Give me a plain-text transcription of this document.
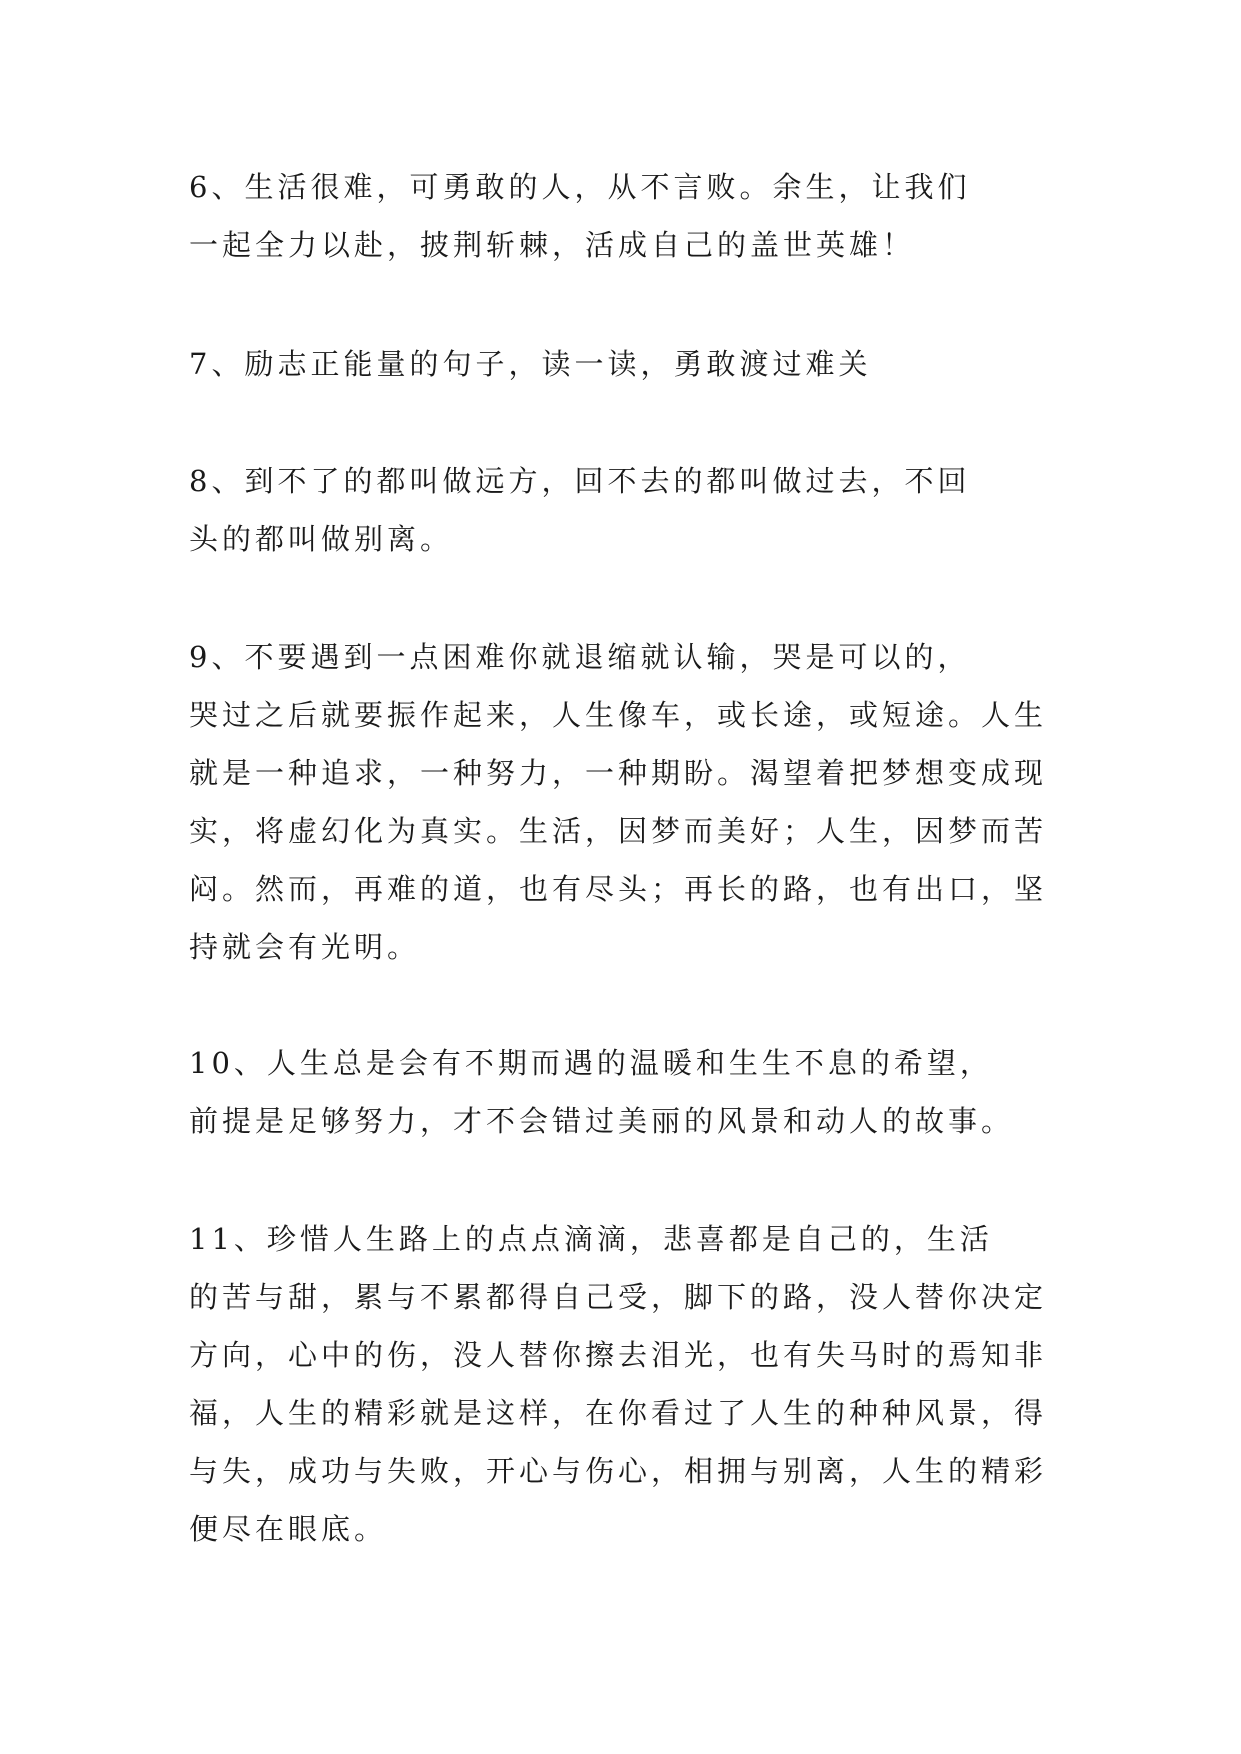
6、生活很难，可勇敢的人，从不言败。余生，让我们
一起全力以赴，披荆斩棘，活成自己的盖世英雄！

7、励志正能量的句子，读一读，勇敢渡过难关

8、到不了的都叫做远方，回不去的都叫做过去，不回
头的都叫做别离。

9、不要遇到一点困难你就退缩就认输，哭是可以的，
哭过之后就要振作起来，人生像车，或长途，或短途。人生
就是一种追求，一种努力，一种期盼。渴望着把梦想变成现
实，将虚幻化为真实。生活，因梦而美好；人生，因梦而苦
闷。然而，再难的道，也有尽头；再长的路，也有出口，坚
持就会有光明。

10、人生总是会有不期而遇的温暖和生生不息的希望，
前提是足够努力，才不会错过美丽的风景和动人的故事。

11、珍惜人生路上的点点滴滴，悲喜都是自己的，生活
的苦与甜，累与不累都得自己受，脚下的路，没人替你决定
方向，心中的伤，没人替你擦去泪光，也有失马时的焉知非
福，人生的精彩就是这样，在你看过了人生的种种风景，得
与失，成功与失败，开心与伤心，相拥与别离，人生的精彩
便尽在眼底。
